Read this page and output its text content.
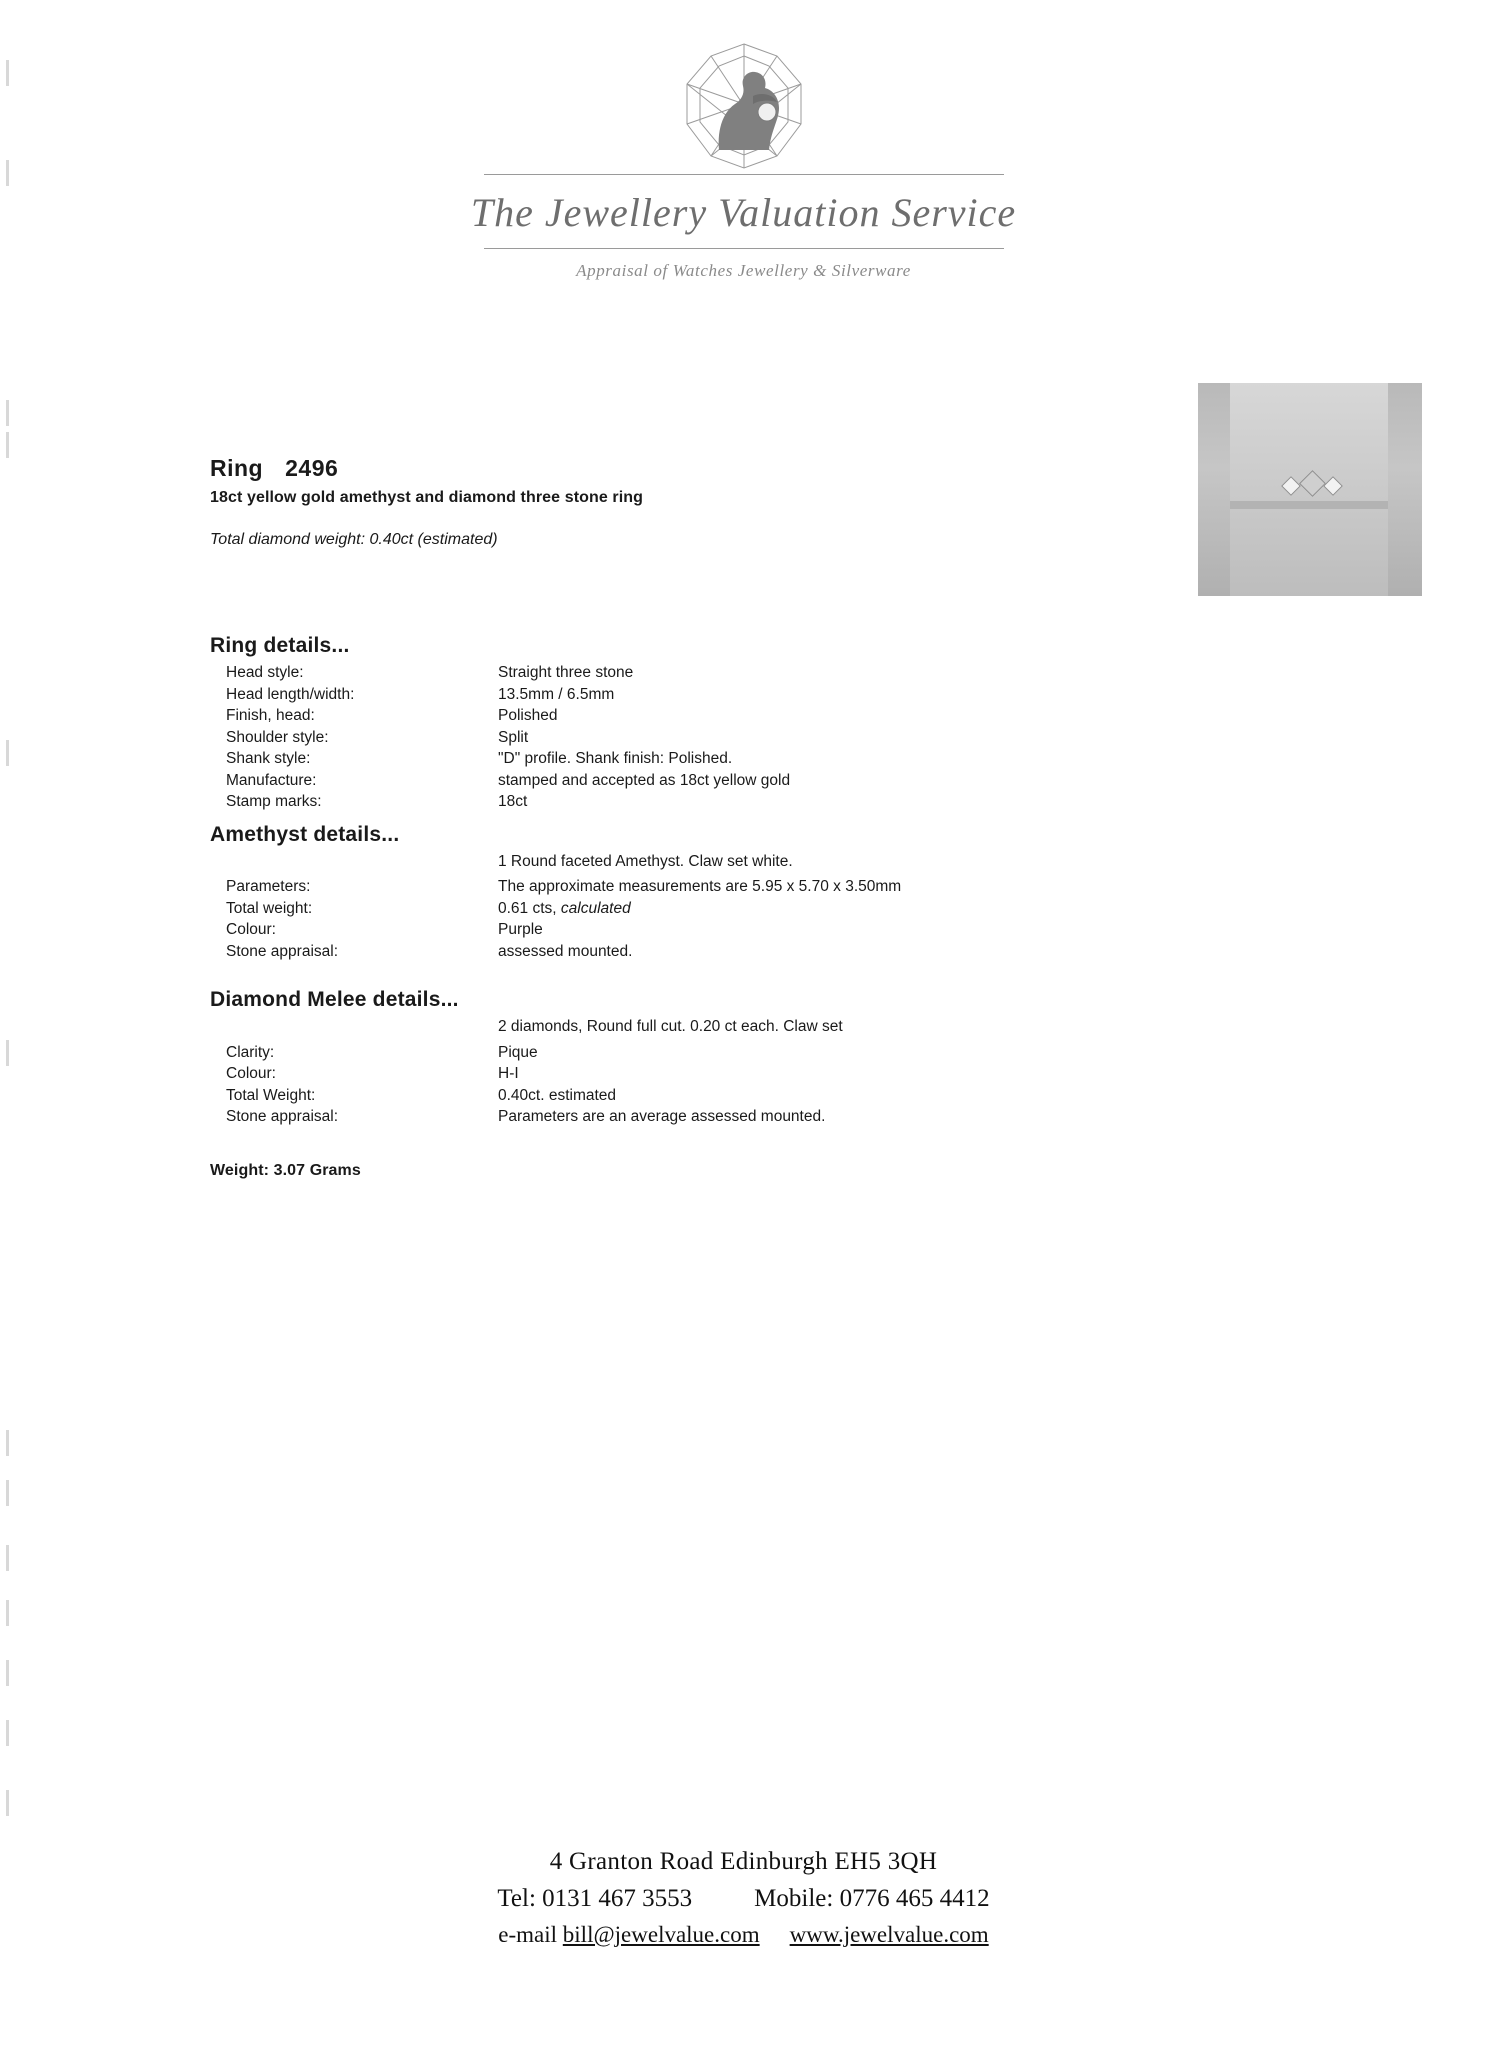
The Jewellery Valuation Service
Appraisal of Watches Jewellery & Silverware
Ring 2496
18ct yellow gold amethyst and diamond three stone ring
Total diamond weight: 0.40ct (estimated)
Ring details...
Head style:	Straight three stone
Head length/width:	13.5mm / 6.5mm
Finish, head:	Polished
Shoulder style:	Split
Shank style:	"D" profile. Shank finish: Polished.
Manufacture:	stamped and accepted as 18ct yellow gold
Stamp marks:	18ct
Amethyst details...
1 Round faceted Amethyst. Claw set white.
Parameters:	The approximate measurements are 5.95 x 5.70 x 3.50mm
Total weight:	0.61 cts, calculated
Colour:	Purple
Stone appraisal:	assessed mounted.
Diamond Melee details...
2 diamonds, Round full cut. 0.20 ct each. Claw set
Clarity:	Pique
Colour:	H-I
Total Weight:	0.40ct. estimated
Stone appraisal:	Parameters are an average assessed mounted.
Weight: 3.07 Grams
4 Granton Road Edinburgh EH5 3QH
Tel: 0131 467 3553 Mobile: 0776 465 4412
e-mail bill@jewelvalue.com www.jewelvalue.com
